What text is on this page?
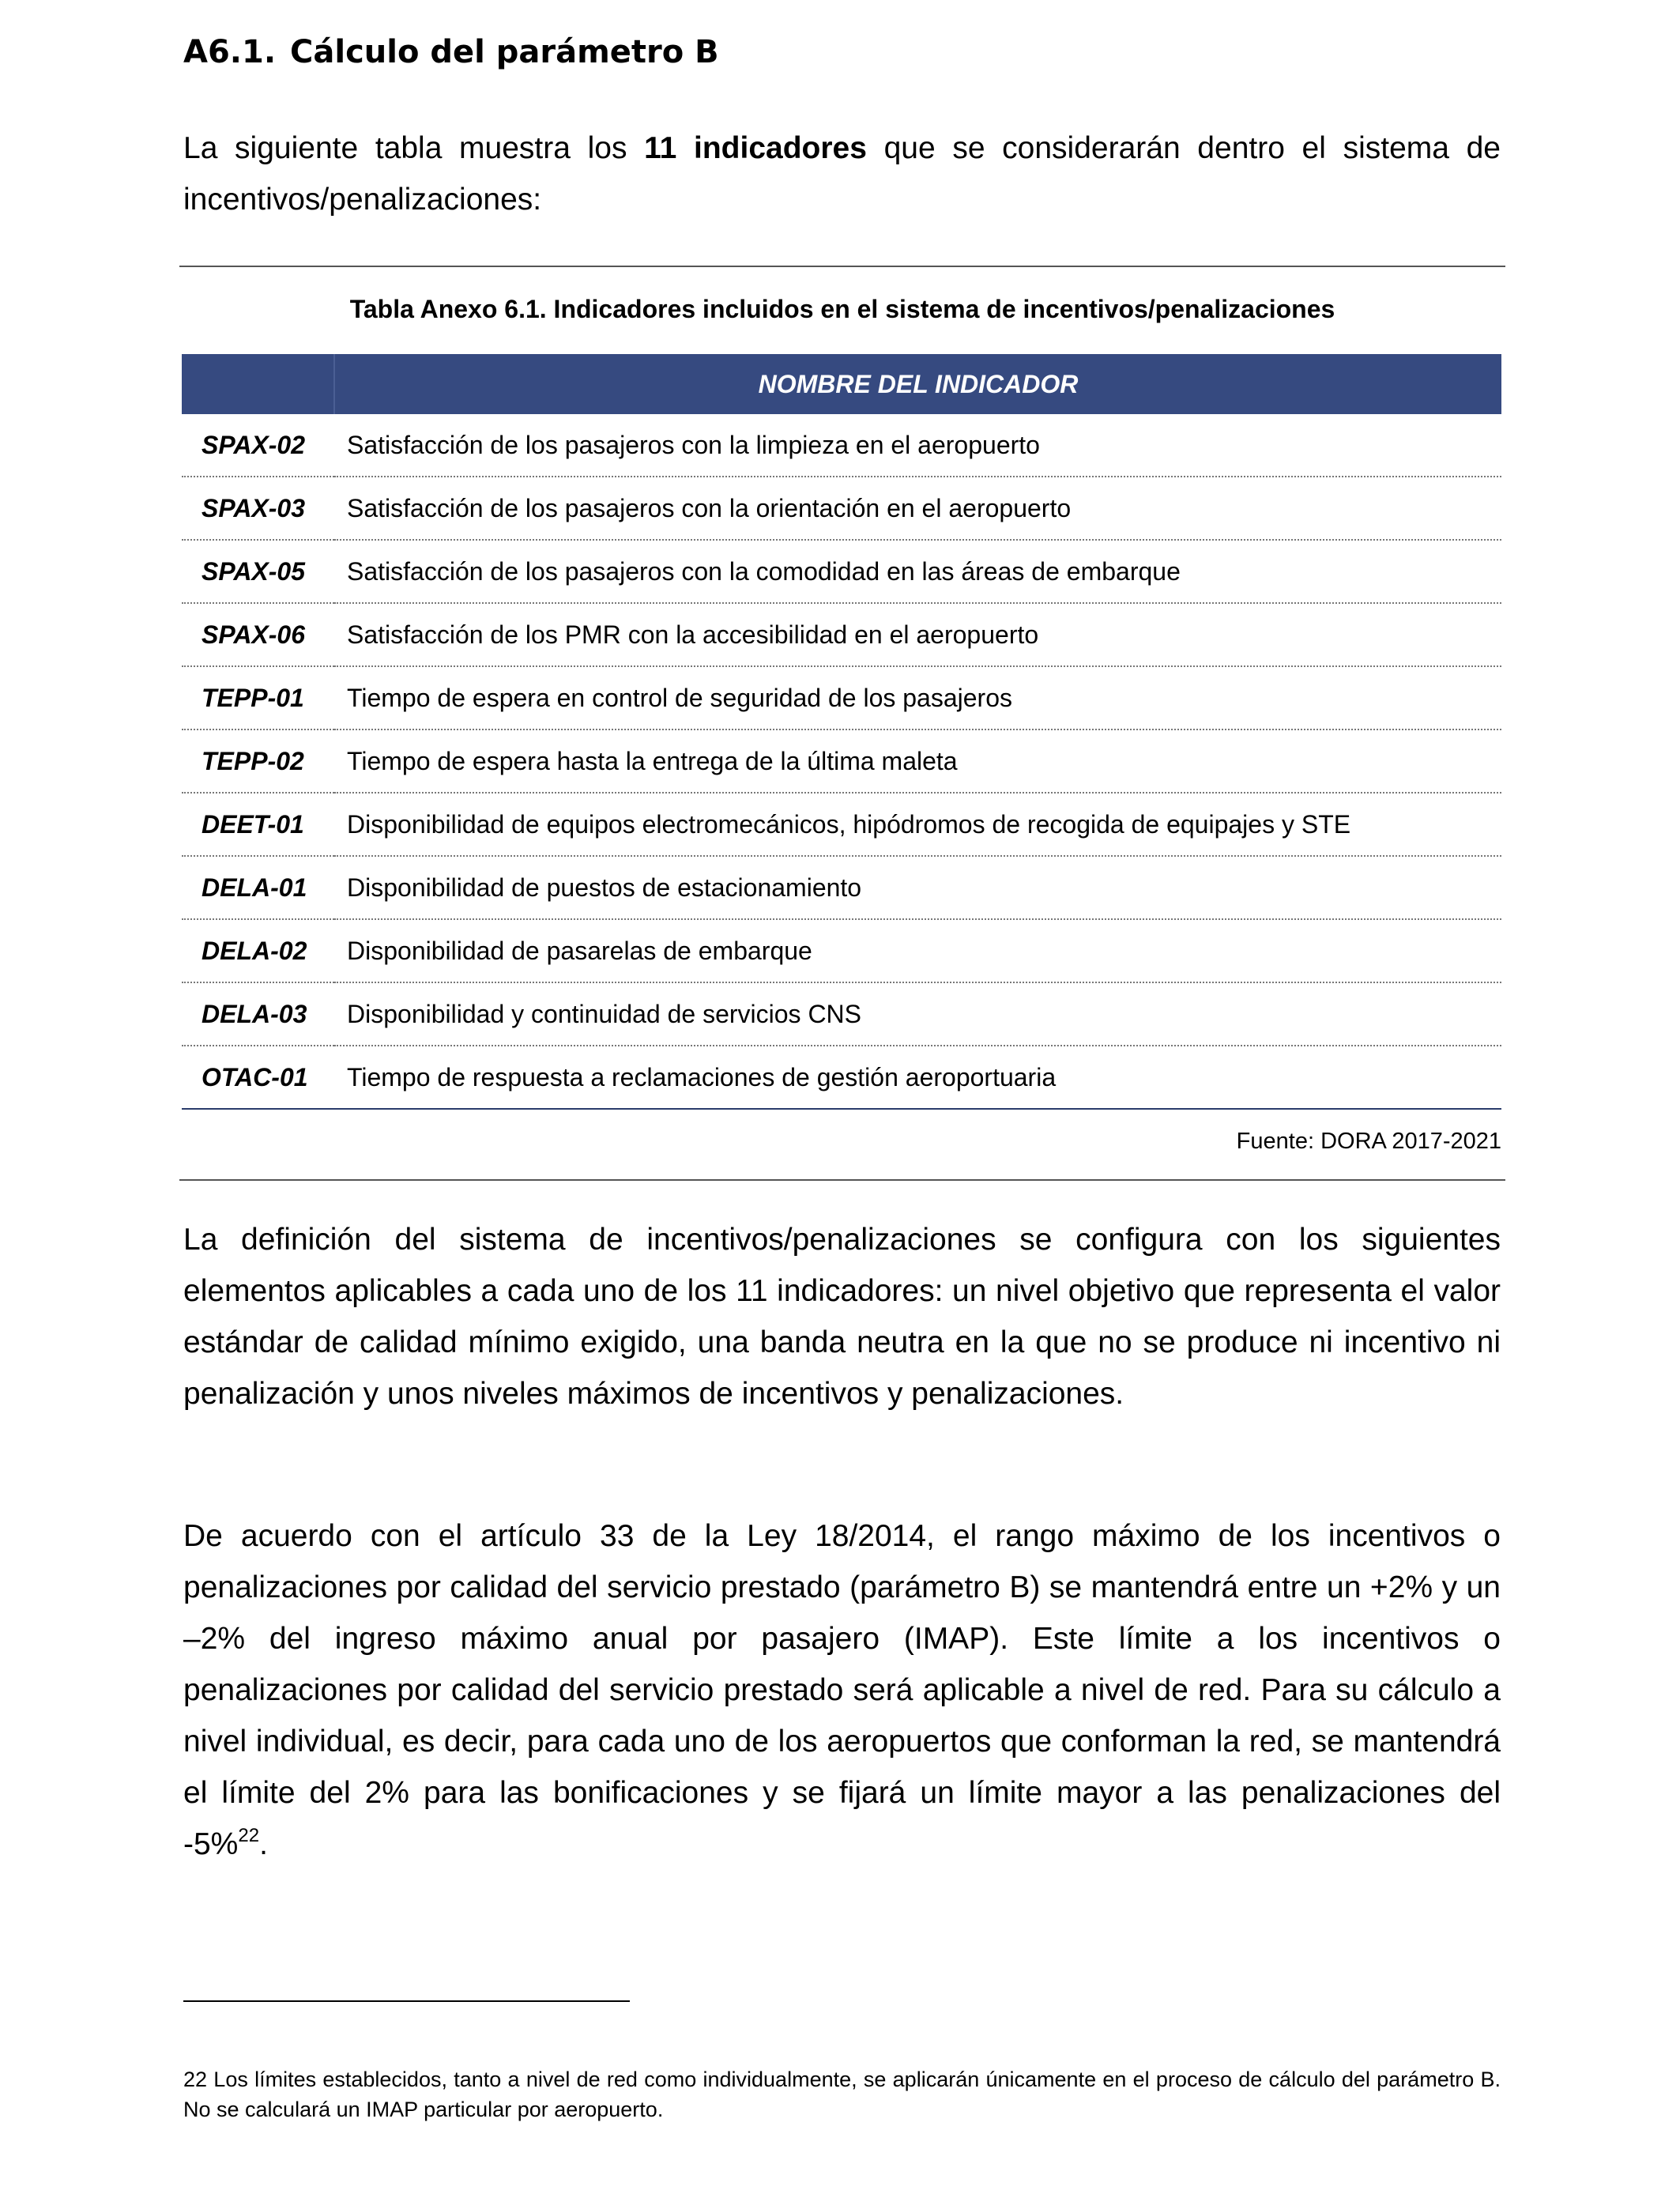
A6.1. Cálculo del parámetro B

La siguiente tabla muestra los 11 indicadores que se considerarán dentro el sistema de incentivos/penalizaciones:

Tabla Anexo 6.1. Indicadores incluidos en el sistema de incentivos/penalizaciones

	NOMBRE DEL INDICADOR
SPAX-02	Satisfacción de los pasajeros con la limpieza en el aeropuerto
SPAX-03	Satisfacción de los pasajeros con la orientación en el aeropuerto
SPAX-05	Satisfacción de los pasajeros con la comodidad en las áreas de embarque
SPAX-06	Satisfacción de los PMR con la accesibilidad en el aeropuerto
TEPP-01	Tiempo de espera en control de seguridad de los pasajeros
TEPP-02	Tiempo de espera hasta la entrega de la última maleta
DEET-01	Disponibilidad de equipos electromecánicos, hipódromos de recogida de equipajes y STE
DELA-01	Disponibilidad de puestos de estacionamiento
DELA-02	Disponibilidad de pasarelas de embarque
DELA-03	Disponibilidad y continuidad de servicios CNS
OTAC-01	Tiempo de respuesta a reclamaciones de gestión aeroportuaria
Fuente: DORA 2017-2021

La definición del sistema de incentivos/penalizaciones se configura con los siguientes elementos aplicables a cada uno de los 11 indicadores: un nivel objetivo que representa el valor estándar de calidad mínimo exigido, una banda neutra en la que no se produce ni incentivo ni penalización y unos niveles máximos de incentivos y penalizaciones.

De acuerdo con el artículo 33 de la Ley 18/2014, el rango máximo de los incentivos o penalizaciones por calidad del servicio prestado (parámetro B) se mantendrá entre un +2% y un –2% del ingreso máximo anual por pasajero (IMAP). Este límite a los incentivos o penalizaciones por calidad del servicio prestado será aplicable a nivel de red. Para su cálculo a nivel individual, es decir, para cada uno de los aeropuertos que conforman la red, se mantendrá el límite del 2% para las bonificaciones y se fijará un límite mayor a las penalizaciones del -5%$^{22}$.

22 Los límites establecidos, tanto a nivel de red como individualmente, se aplicarán únicamente en el proceso de cálculo del parámetro B. No se calculará un IMAP particular por aeropuerto.
